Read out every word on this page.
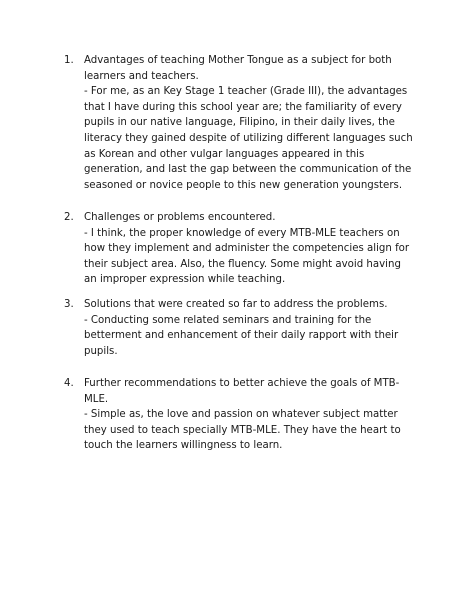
1.	Advantages of teaching Mother Tongue as a subject for both learners and teachers.
- For me, as an Key Stage 1 teacher (Grade III), the advantages that I have during this school year are; the familiarity of every pupils in our native language, Filipino, in their daily lives, the literacy they gained despite of utilizing different languages such as Korean and other vulgar languages appeared in this generation, and last the gap between the communication of the seasoned or novice people to this new generation youngsters.
2.	Challenges or problems encountered.
- I think, the proper knowledge of every MTB-MLE teachers on how they implement and administer the competencies align for their subject area. Also, the fluency. Some might avoid having an improper expression while teaching.
3.	Solutions that were created so far to address the problems.
- Conducting some related seminars and training for the betterment and enhancement of their daily rapport with their pupils.
4.	Further recommendations to better achieve the goals of MTB-MLE.
- Simple as, the love and passion on whatever subject matter they used to teach specially MTB-MLE. They have the heart to touch the learners willingness to learn.
